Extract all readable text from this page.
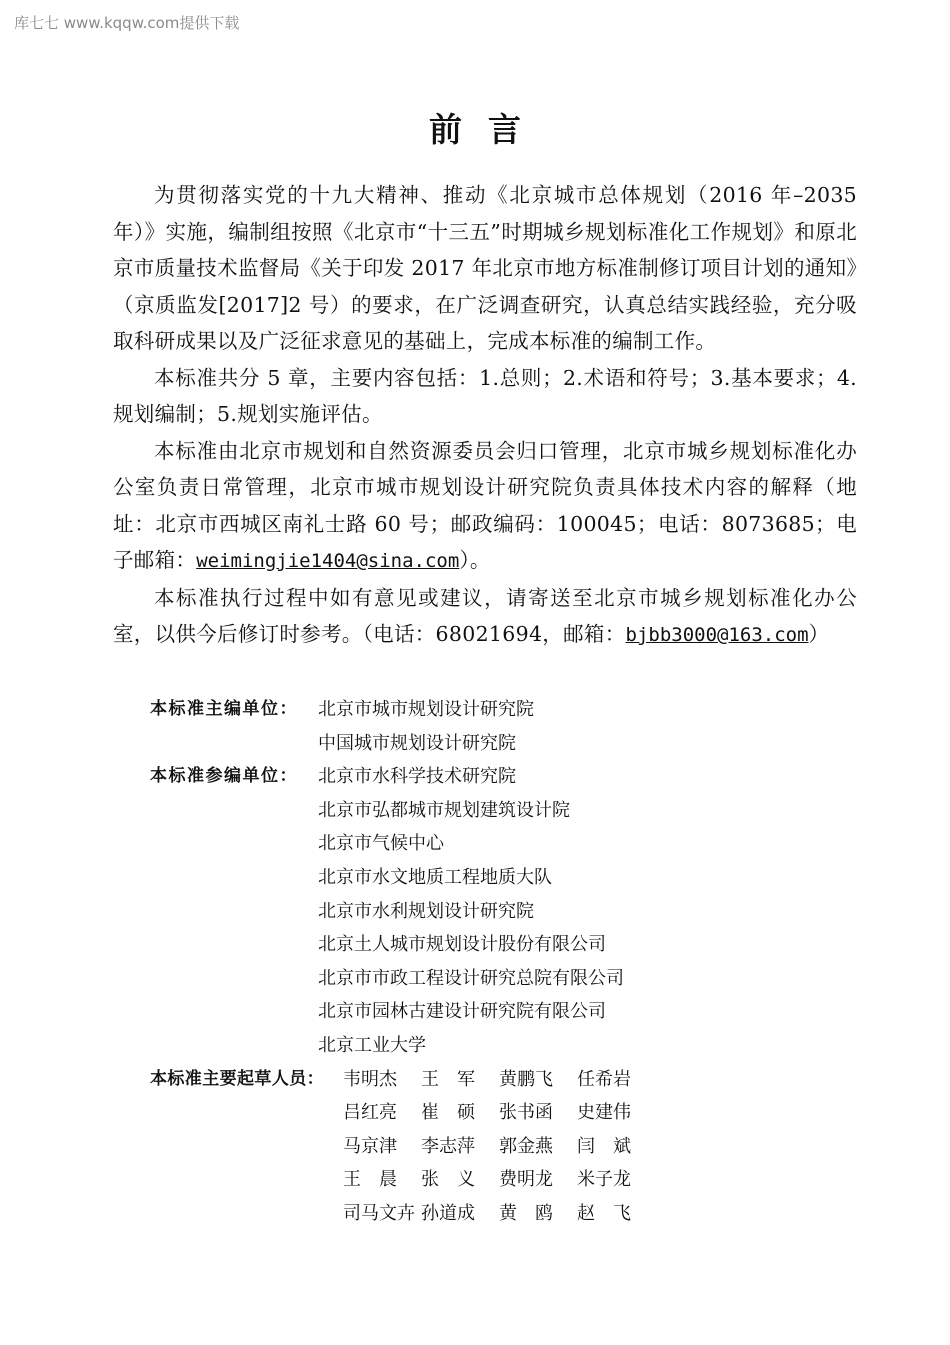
库七七 www.kqqw.com提供下载
前言

为贯彻落实党的十九大精神、推动《北京城市总体规划（2016 年–2035 年）》实施，编制组按照《北京市“十三五”时期城乡规划标准化工作规划》和原北京市质量技术监督局《关于印发 2017 年北京市地方标准制修订项目计划的通知》（京质监发[2017]2 号）的要求，在广泛调查研究，认真总结实践经验，充分吸取科研成果以及广泛征求意见的基础上，完成本标准的编制工作。

本标准共分 5 章，主要内容包括：1.总则；2.术语和符号；3.基本要求；4.规划编制；5.规划实施评估。

本标准由北京市规划和自然资源委员会归口管理，北京市城乡规划标准化办公室负责日常管理，北京市城市规划设计研究院负责具体技术内容的解释（地址：北京市西城区南礼士路 60 号；邮政编码：100045；电话：8073685；电子邮箱：weimingjie1404@sina.com）。

本标准执行过程中如有意见或建议，请寄送至北京市城乡规划标准化办公室，以供今后修订时参考。（电话：68021694，邮箱：bjbb3000@163.com）

本标准主编单位：	北京市城市规划设计研究院
中国城市规划设计研究院
本标准参编单位：	北京市水科学技术研究院
北京市弘都城市规划建筑设计院
北京市气候中心
北京市水文地质工程地质大队
北京市水利规划设计研究院
北京土人城市规划设计股份有限公司
北京市市政工程设计研究总院有限公司
北京市园林古建设计研究院有限公司
北京工业大学
本标准主要起草人员：	韦明杰	王　军	黄鹏飞	任希岩
吕红亮	崔　硕	张书函	史建伟
马京津	李志萍	郭金燕	闫　斌
王　晨	张　义	费明龙	米子龙
司马文卉 孙道成	黄　鸥	赵　飞
